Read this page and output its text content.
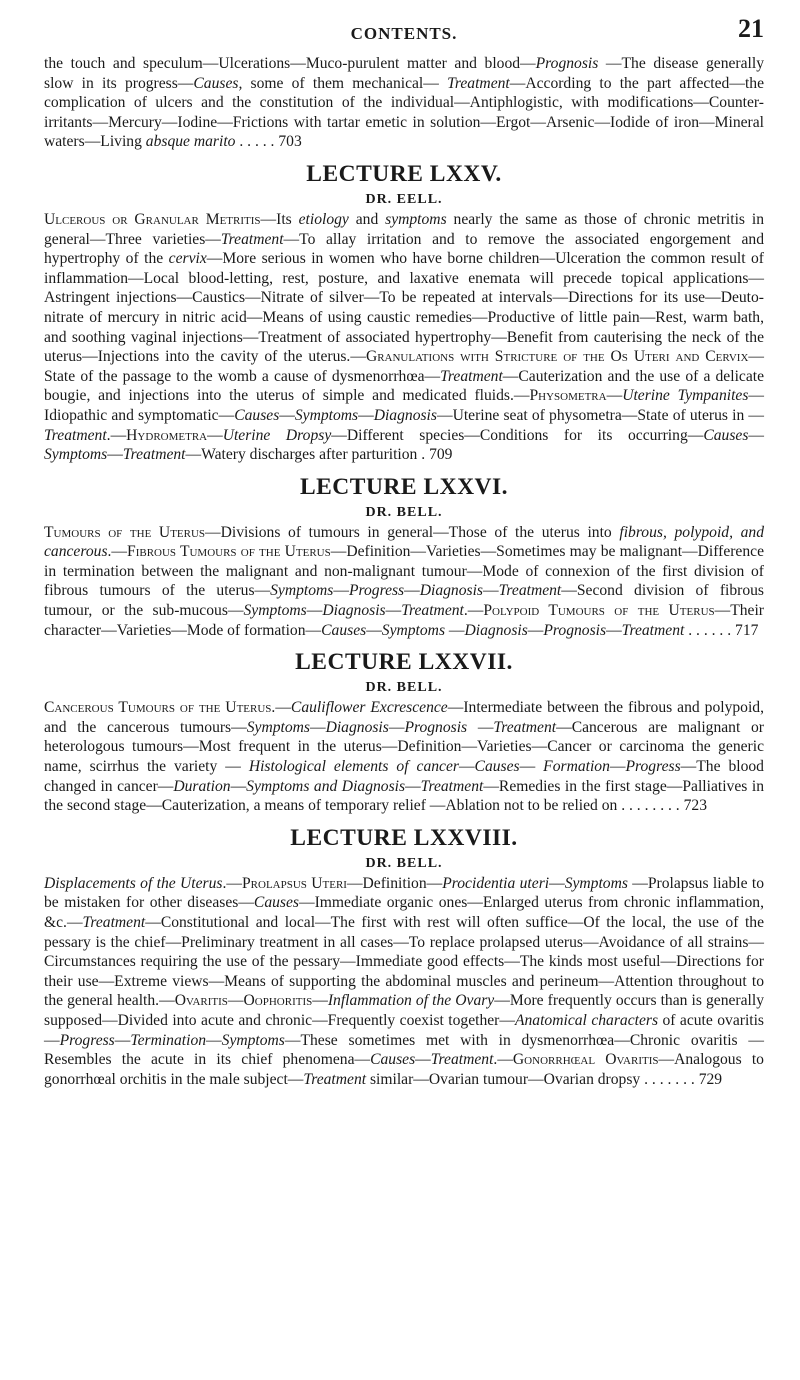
CONTENTS.	21

the touch and speculum—Ulcerations—Muco-purulent matter and blood—Prognosis —The disease generally slow in its progress—Causes, some of them mechanical— Treatment—According to the part affected—the complication of ulcers and the constitution of the individual—Antiphlogistic, with modifications—Counter-irritants—Mercury—Iodine—Frictions with tartar emetic in solution—Ergot—Arsenic—Iodide of iron—Mineral waters—Living absque marito . . . . . 703

LECTURE LXXV.
DR. EELL.

Ulcerous or Granular Metritis—Its etiology and symptoms nearly the same as those of chronic metritis in general—Three varieties—Treatment—To allay irritation and to remove the associated engorgement and hypertrophy of the cervix—More serious in women who have borne children—Ulceration the common result of inflammation—Local blood-letting, rest, posture, and laxative enemata will precede topical applications—Astringent injections—Caustics—Nitrate of silver—To be repeated at intervals—Directions for its use—Deuto-nitrate of mercury in nitric acid—Means of using caustic remedies—Productive of little pain—Rest, warm bath, and soothing vaginal injections—Treatment of associated hypertrophy—Benefit from cauterising the neck of the uterus—Injections into the cavity of the uterus.—Granulations with Stricture of the Os Uteri and Cervix—State of the passage to the womb a cause of dysmenorrhœa—Treatment—Cauterization and the use of a delicate bougie, and injections into the uterus of simple and medicated fluids.—Physometra—Uterine Tympanites—Idiopathic and symptomatic—Causes—Symptoms—Diagnosis—Uterine seat of physometra—State of uterus in —Treatment.—Hydrometra—Uterine Dropsy—Different species—Conditions for its occurring—Causes—Symptoms—Treatment—Watery discharges after parturition . 709

LECTURE LXXVI.
DR. BELL.

Tumours of the Uterus—Divisions of tumours in general—Those of the uterus into fibrous, polypoid, and cancerous.—Fibrous Tumours of the Uterus—Definition—Varieties—Sometimes may be malignant—Difference in termination between the malignant and non-malignant tumour—Mode of connexion of the first division of fibrous tumours of the uterus—Symptoms—Progress—Diagnosis—Treatment—Second division of fibrous tumour, or the sub-mucous—Symptoms—Diagnosis—Treatment.—Polypoid Tumours of the Uterus—Their character—Varieties—Mode of formation—Causes—Symptoms —Diagnosis—Prognosis—Treatment . . . . . . 717

LECTURE LXXVII.
DR. BELL.

Cancerous Tumours of the Uterus.—Cauliflower Excrescence—Intermediate between the fibrous and polypoid, and the cancerous tumours—Symptoms—Diagnosis—Prognosis —Treatment—Cancerous are malignant or heterologous tumours—Most frequent in the uterus—Definition—Varieties—Cancer or carcinoma the generic name, scirrhus the variety — Histological elements of cancer—Causes— Formation—Progress—The blood changed in cancer—Duration—Symptoms and Diagnosis—Treatment—Remedies in the first stage—Palliatives in the second stage—Cauterization, a means of temporary relief —Ablation not to be relied on . . . . . . . . 723

LECTURE LXXVIII.
DR. BELL.

Displacements of the Uterus.—Prolapsus Uteri—Definition—Procidentia uteri—Symptoms —Prolapsus liable to be mistaken for other diseases—Causes—Immediate organic ones—Enlarged uterus from chronic inflammation, &c.—Treatment—Constitutional and local—The first with rest will often suffice—Of the local, the use of the pessary is the chief—Preliminary treatment in all cases—To replace prolapsed uterus—Avoidance of all strains—Circumstances requiring the use of the pessary—Immediate good effects—The kinds most useful—Directions for their use—Extreme views—Means of supporting the abdominal muscles and perineum—Attention throughout to the general health.—Ovaritis—Oophoritis—Inflammation of the Ovary—More frequently occurs than is generally supposed—Divided into acute and chronic—Frequently coexist together—Anatomical characters of acute ovaritis—Progress—Termination—Symptoms—These sometimes met with in dysmenorrhœa—Chronic ovaritis —Resembles the acute in its chief phenomena—Causes—Treatment.—Gonorrhœal Ovaritis—Analogous to gonorrhœal orchitis in the male subject—Treatment similar—Ovarian tumour—Ovarian dropsy . . . . . . . 729
